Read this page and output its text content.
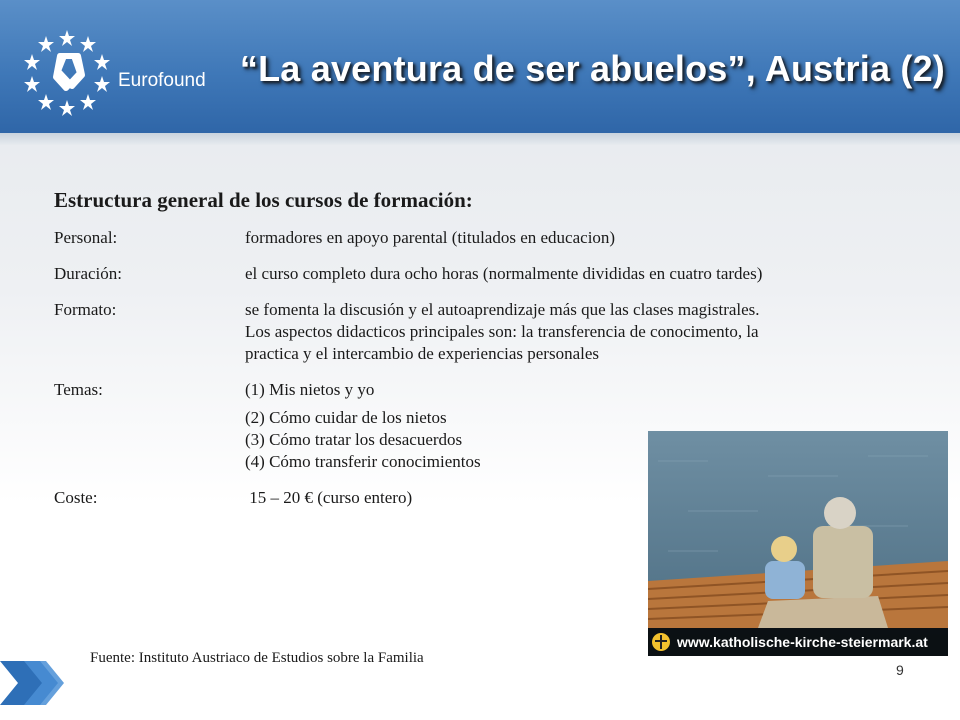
Eurofound “La aventura de ser abuelos”, Austria (2)
Estructura general de los cursos de formación:
Personal:	formadores en apoyo parental (titulados en educacion)
Duración:	el curso completo dura ocho horas (normalmente divididas en cuatro tardes)
Formato:	se fomenta la discusión y el autoaprendizaje más que las clases magistrales. Los aspectos didacticos principales son: la transferencia de conocimento, la practica y el intercambio de experiencias personales
Temas:	(1) Mis nietos y yo
(2) Cómo cuidar de los nietos
(3) Cómo tratar los desacuerdos
(4) Cómo transferir conocimientos
Coste:	15 – 20 € (curso entero)
www.katholische-kirche-steiermark.at
Fuente: Instituto Austriaco de Estudios sobre la Familia
9
